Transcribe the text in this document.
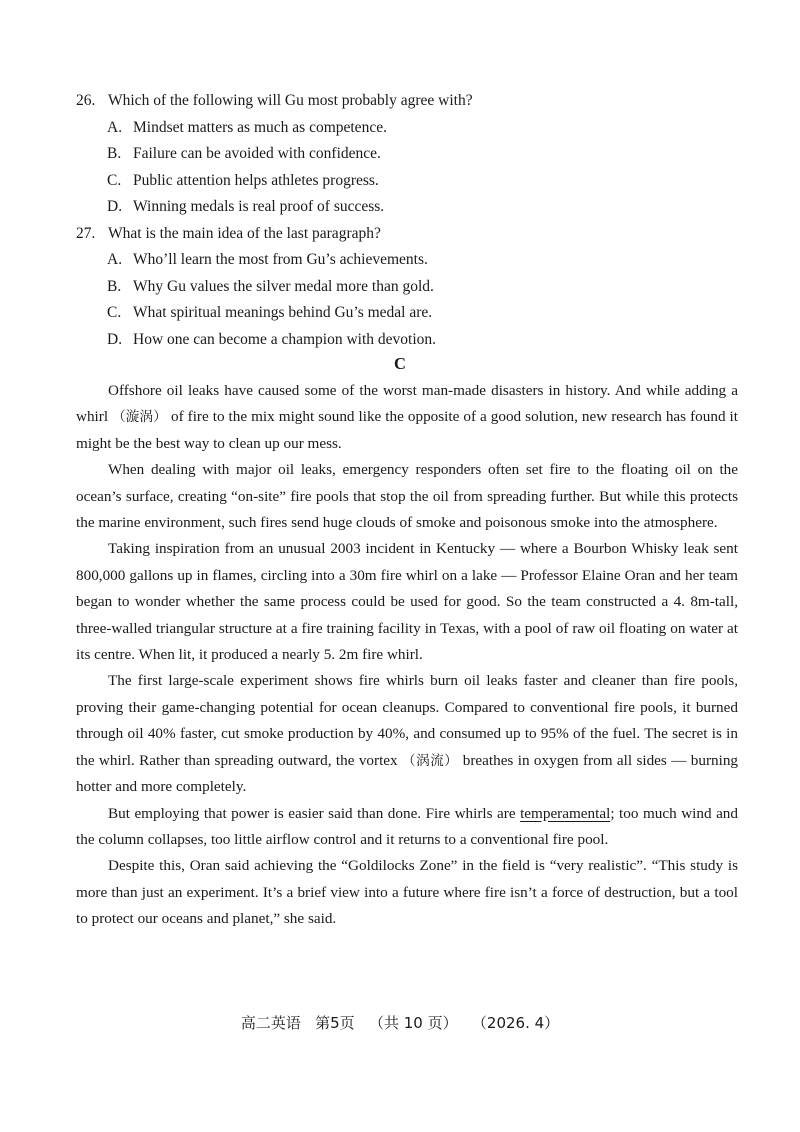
26. Which of the following will Gu most probably agree with?
A. Mindset matters as much as competence.
B. Failure can be avoided with confidence.
C. Public attention helps athletes progress.
D. Winning medals is real proof of success.
27. What is the main idea of the last paragraph?
A. Who’ll learn the most from Gu’s achievements.
B. Why Gu values the silver medal more than gold.
C. What spiritual meanings behind Gu’s medal are.
D. How one can become a champion with devotion.
C

Offshore oil leaks have caused some of the worst man-made disasters in history. And while adding a whirl （漩涡） of fire to the mix might sound like the opposite of a good solution, new research has found it might be the best way to clean up our mess.

When dealing with major oil leaks, emergency responders often set fire to the floating oil on the ocean’s surface, creating “on-site” fire pools that stop the oil from spreading further. But while this protects the marine environment, such fires send huge clouds of smoke and poisonous smoke into the atmosphere.

Taking inspiration from an unusual 2003 incident in Kentucky — where a Bourbon Whisky leak sent 800,000 gallons up in flames, circling into a 30m fire whirl on a lake — Professor Elaine Oran and her team began to wonder whether the same process could be used for good. So the team constructed a 4. 8m-tall, three-walled triangular structure at a fire training facility in Texas, with a pool of raw oil floating on water at its centre. When lit, it produced a nearly 5. 2m fire whirl.

The first large-scale experiment shows fire whirls burn oil leaks faster and cleaner than fire pools, proving their game-changing potential for ocean cleanups. Compared to conventional fire pools, it burned through oil 40% faster, cut smoke production by 40%, and consumed up to 95% of the fuel. The secret is in the whirl. Rather than spreading outward, the vortex （涡流） breathes in oxygen from all sides — burning hotter and more completely.

But employing that power is easier said than done. Fire whirls are temperamental; too much wind and the column collapses, too little airflow control and it returns to a conventional fire pool.

Despite this, Oran said achieving the “Goldilocks Zone” in the field is “very realistic”. “This study is more than just an experiment. It’s a brief view into a future where fire isn’t a force of destruction, but a tool to protect our oceans and planet,” she said.

高二英语   第5页   （共 10 页）   （2026. 4）
